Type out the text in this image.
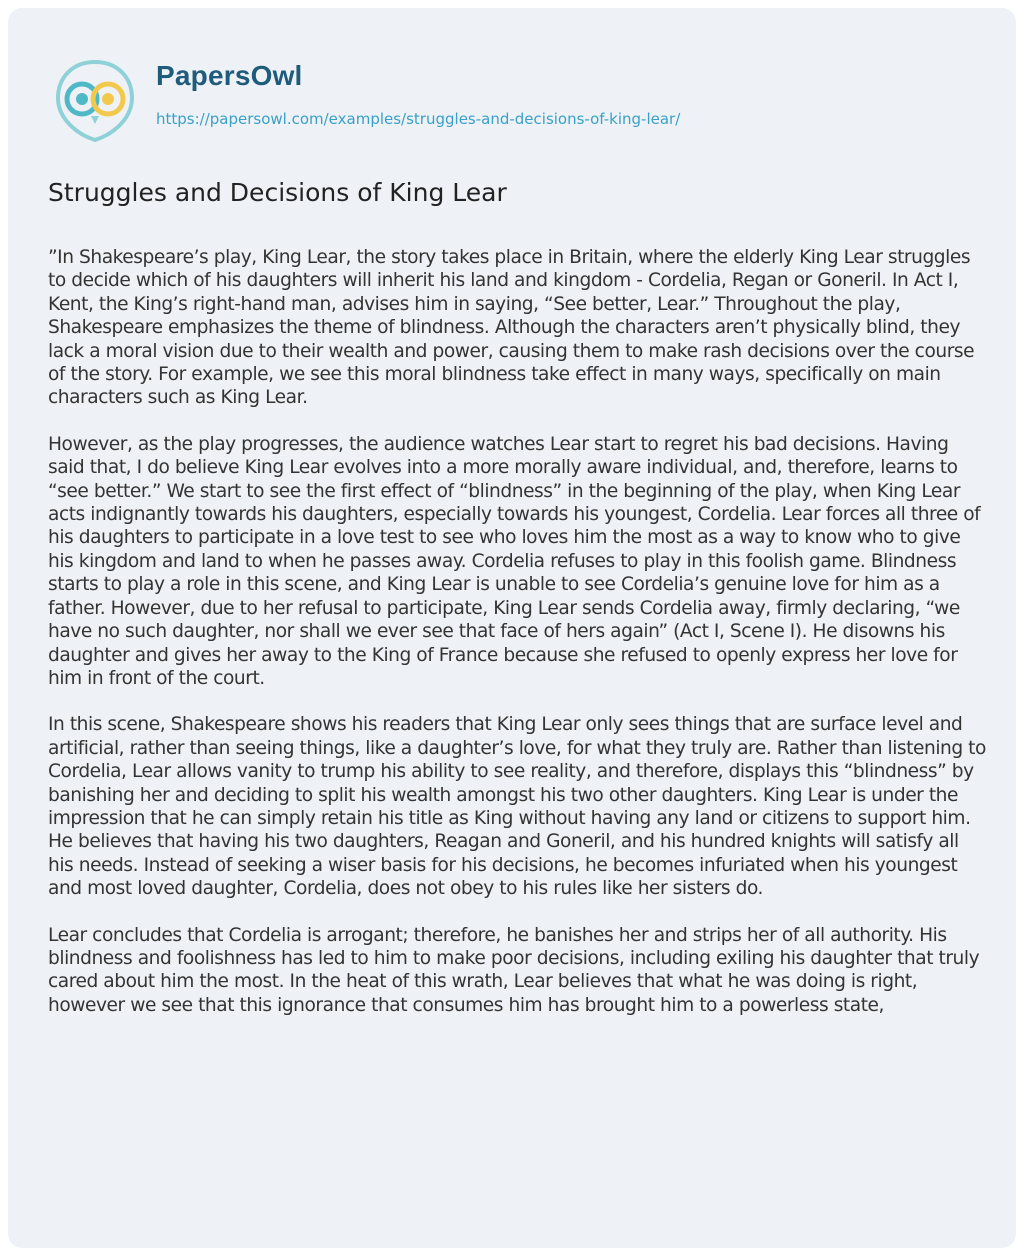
PapersOwl
https://papersowl.com/examples/struggles-and-decisions-of-king-lear/
Struggles and Decisions of King Lear

”In Shakespeare’s play, King Lear, the story takes place in Britain, where the elderly King Lear struggles to decide which of his daughters will inherit his land and kingdom - Cordelia, Regan or Goneril. In Act I, Kent, the King’s right-hand man, advises him in saying, “See better, Lear.” Throughout the play, Shakespeare emphasizes the theme of blindness. Although the characters aren’t physically blind, they lack a moral vision due to their wealth and power, causing them to make rash decisions over the course of the story. For example, we see this moral blindness take effect in many ways, specifically on main characters such as King Lear.

However, as the play progresses, the audience watches Lear start to regret his bad decisions. Having said that, I do believe King Lear evolves into a more morally aware individual, and, therefore, learns to “see better.” We start to see the first effect of “blindness” in the beginning of the play, when King Lear acts indignantly towards his daughters, especially towards his youngest, Cordelia. Lear forces all three of his daughters to participate in a love test to see who loves him the most as a way to know who to give his kingdom and land to when he passes away. Cordelia refuses to play in this foolish game. Blindness starts to play a role in this scene, and King Lear is unable to see Cordelia’s genuine love for him as a father. However, due to her refusal to participate, King Lear sends Cordelia away, firmly declaring, “we have no such daughter, nor shall we ever see that face of hers again” (Act I, Scene I). He disowns his daughter and gives her away to the King of France because she refused to openly express her love for him in front of the court.

In this scene, Shakespeare shows his readers that King Lear only sees things that are surface level and artificial, rather than seeing things, like a daughter’s love, for what they truly are. Rather than listening to Cordelia, Lear allows vanity to trump his ability to see reality, and therefore, displays this “blindness” by banishing her and deciding to split his wealth amongst his two other daughters. King Lear is under the impression that he can simply retain his title as King without having any land or citizens to support him. He believes that having his two daughters, Reagan and Goneril, and his hundred knights will satisfy all his needs. Instead of seeking a wiser basis for his decisions, he becomes infuriated when his youngest and most loved daughter, Cordelia, does not obey to his rules like her sisters do.

Lear concludes that Cordelia is arrogant; therefore, he banishes her and strips her of all authority. His blindness and foolishness has led to him to make poor decisions, including exiling his daughter that truly cared about him the most. In the heat of this wrath, Lear believes that what he was doing is right, however we see that this ignorance that consumes him has brought him to a powerless state,
